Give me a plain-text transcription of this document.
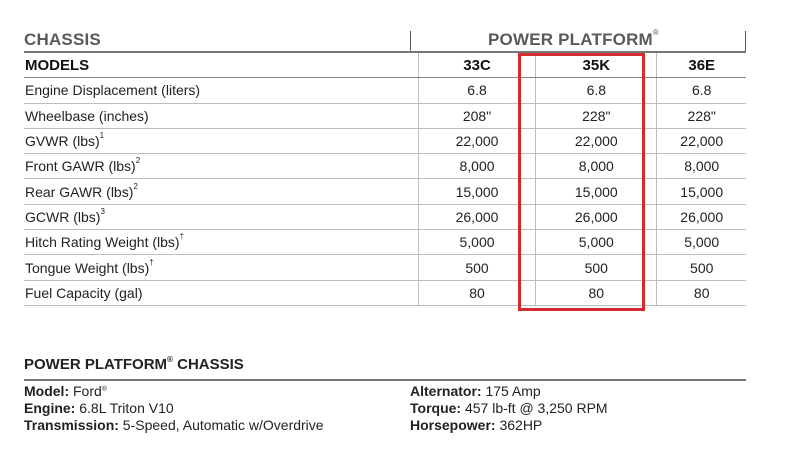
CHASSIS	POWER PLATFORM®
MODELS	33C	35K	36E
Engine Displacement (liters)	6.8	6.8	6.8
Wheelbase (inches)	208"	228"	228"
GVWR (lbs)$^1$	22,000	22,000	22,000
Front GAWR (lbs)$^2$	8,000	8,000	8,000
Rear GAWR (lbs)$^2$	15,000	15,000	15,000
GCWR (lbs)$^3$	26,000	26,000	26,000
Hitch Rating Weight (lbs)†	5,000	5,000	5,000
Tongue Weight (lbs)†	500	500	500
Fuel Capacity (gal)	80	80	80
POWER PLATFORM® CHASSIS
Model: Ford®
Engine: 6.8L Triton V10
Transmission: 5-Speed, Automatic w/Overdrive
Alternator: 175 Amp
Torque: 457 lb-ft @ 3,250 RPM
Horsepower: 362HP
